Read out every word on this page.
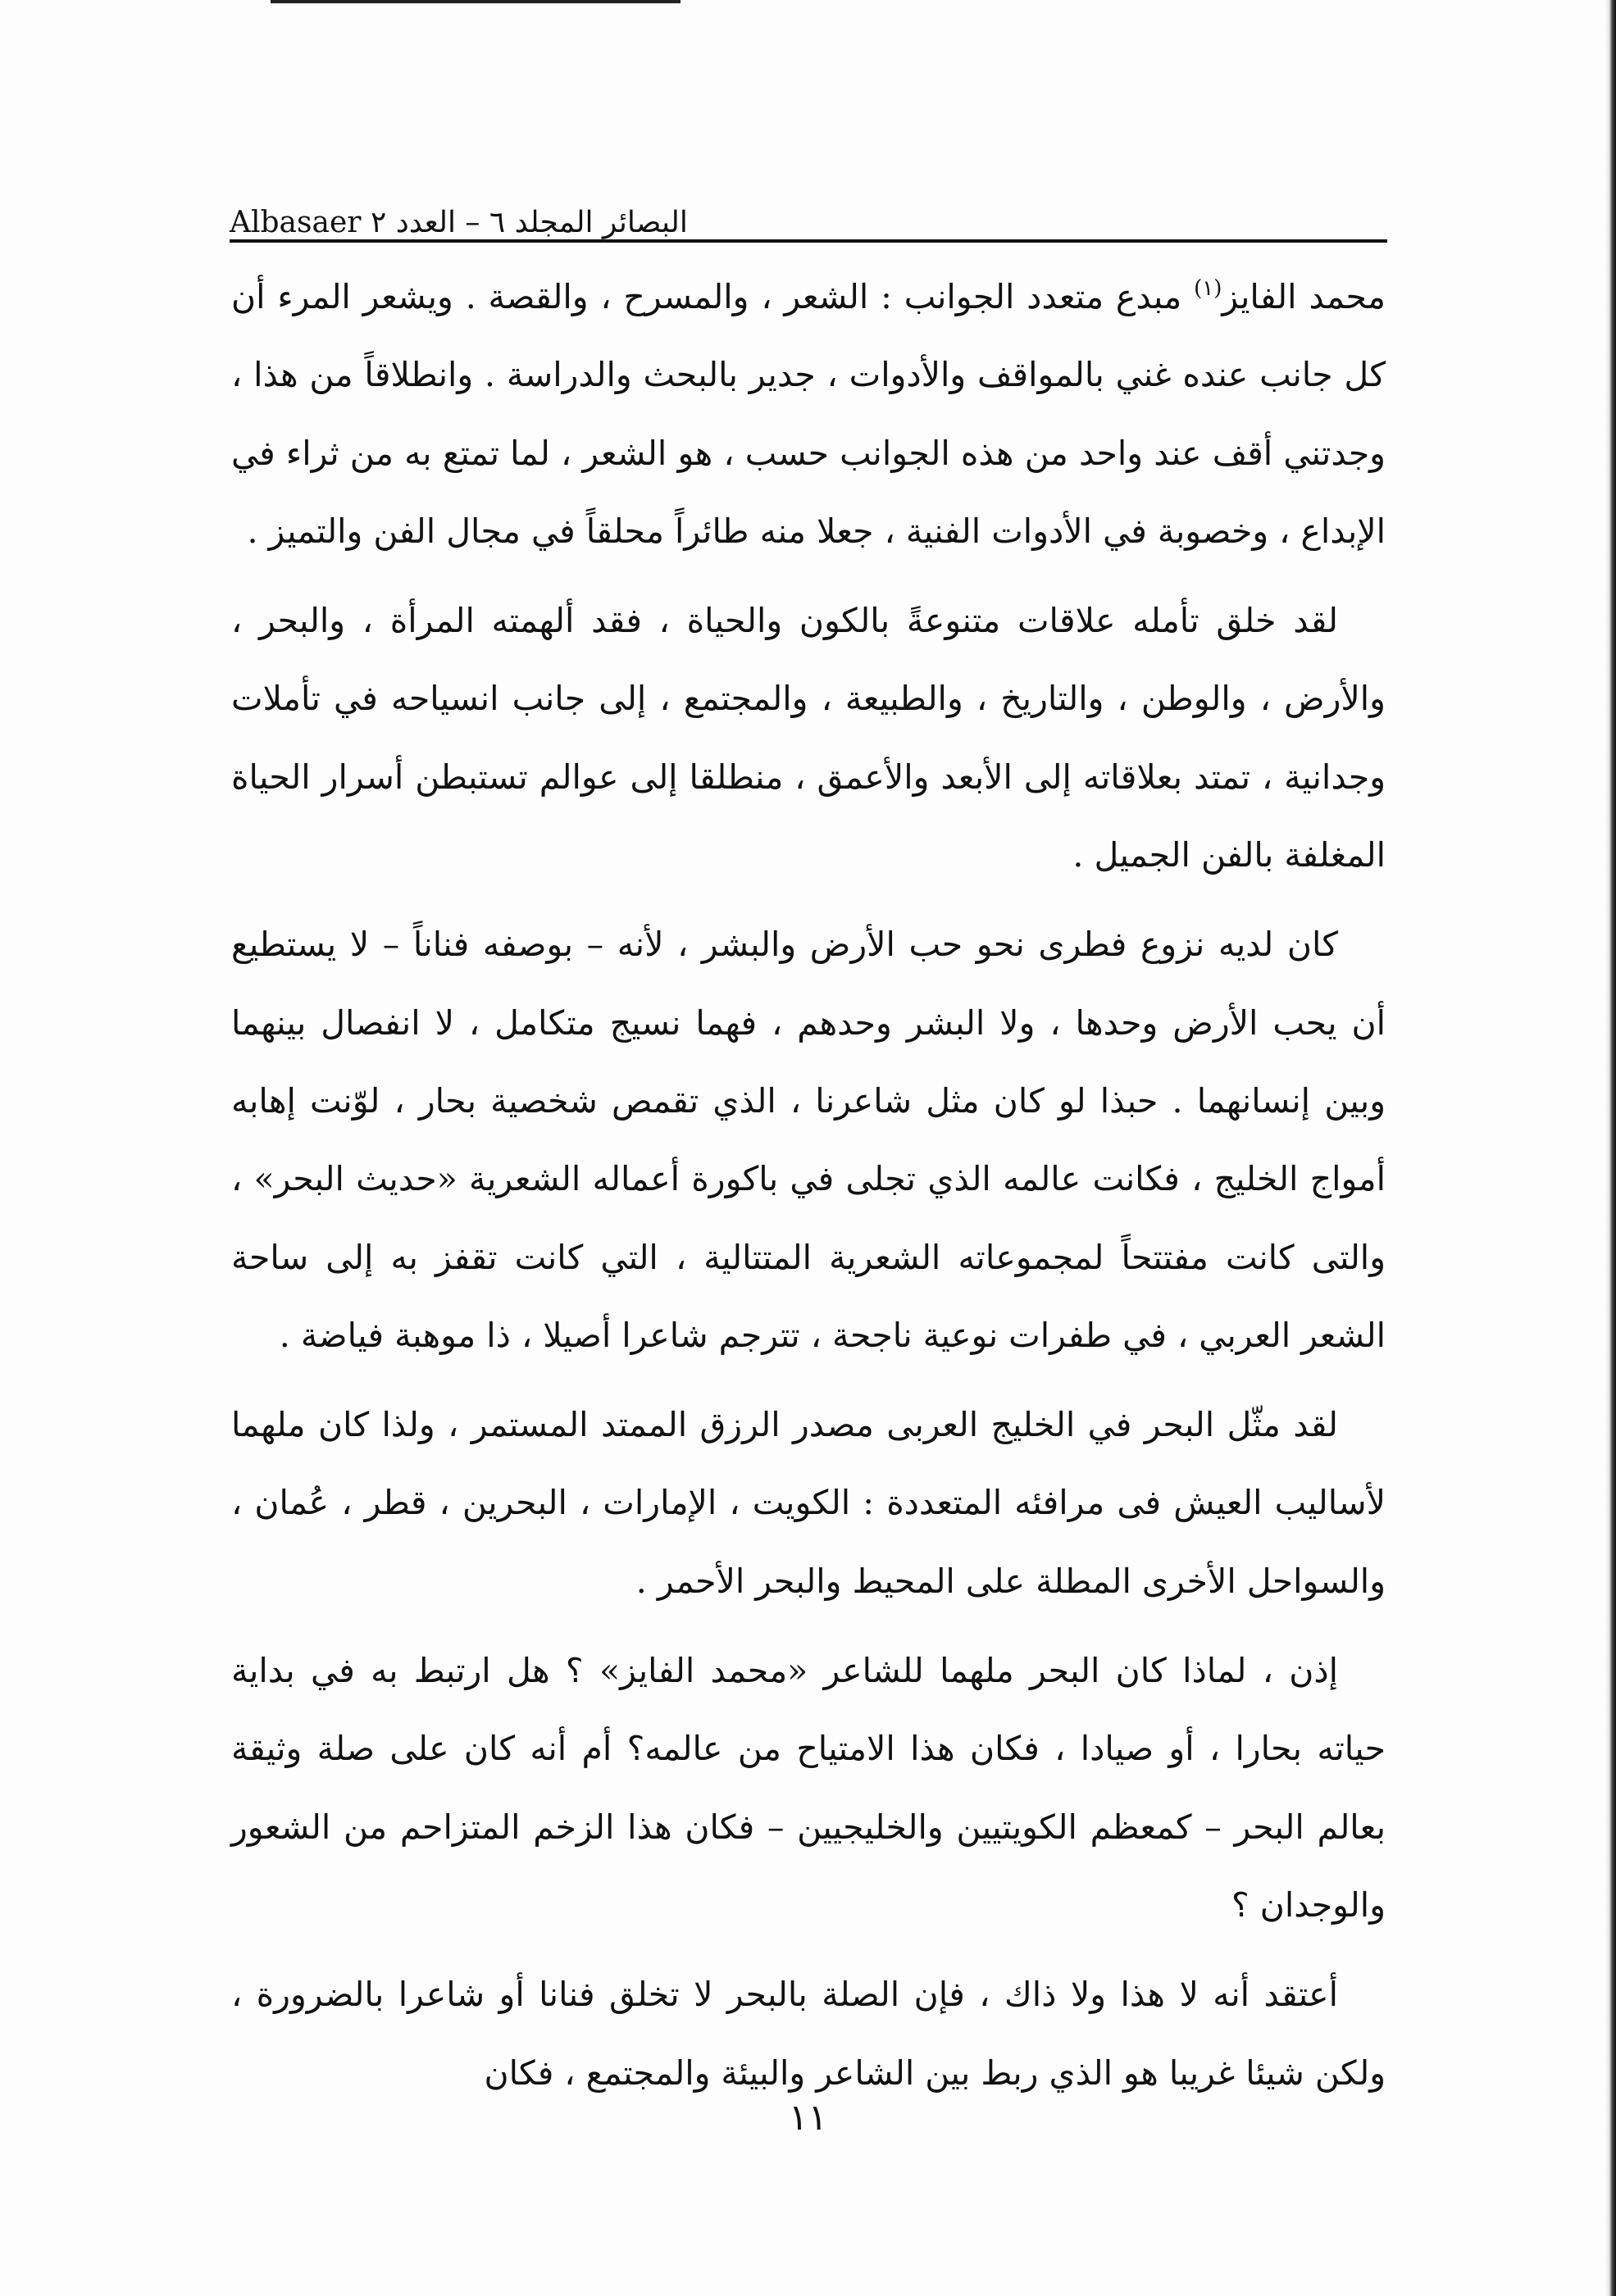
البصائر المجلد ٦ – العدد ٢ Albasaer

محمد الفايز$^{(١)}$ مبدع متعدد الجوانب : الشعر ، والمسرح ، والقصة . ويشعر المرء أن كل جانب عنده غني بالمواقف والأدوات ، جدير بالبحث والدراسة . وانطلاقاً من هذا ، وجدتني أقف عند واحد من هذه الجوانب حسب ، هو الشعر ، لما تمتع به من ثراء في الإبداع ، وخصوبة في الأدوات الفنية ، جعلا منه طائراً محلقاً في مجال الفن والتميز .

لقد خلق تأمله علاقات متنوعةً بالكون والحياة ، فقد ألهمته المرأة ، والبحر ، والأرض ، والوطن ، والتاريخ ، والطبيعة ، والمجتمع ، إلى جانب انسياحه في تأملات وجدانية ، تمتد بعلاقاته إلى الأبعد والأعمق ، منطلقا إلى عوالم تستبطن أسرار الحياة المغلفة بالفن الجميل .

كان لديه نزوع فطرى نحو حب الأرض والبشر ، لأنه – بوصفه فناناً – لا يستطيع أن يحب الأرض وحدها ، ولا البشر وحدهم ، فهما نسيج متكامل ، لا انفصال بينهما وبين إنسانهما . حبذا لو كان مثل شاعرنا ، الذي تقمص شخصية بحار ، لوّنت إهابه أمواج الخليج ، فكانت عالمه الذي تجلى في باكورة أعماله الشعرية «حديث البحر» ، والتى كانت مفتتحاً لمجموعاته الشعرية المتتالية ، التي كانت تقفز به إلى ساحة الشعر العربي ، في طفرات نوعية ناجحة ، تترجم شاعرا أصيلا ، ذا موهبة فياضة .

لقد مثّل البحر في الخليج العربى مصدر الرزق الممتد المستمر ، ولذا كان ملهما لأساليب العيش فى مرافئه المتعددة : الكويت ، الإمارات ، البحرين ، قطر ، عُمان ، والسواحل الأخرى المطلة على المحيط والبحر الأحمر .

إذن ، لماذا كان البحر ملهما للشاعر «محمد الفايز» ؟ هل ارتبط به في بداية حياته بحارا ، أو صيادا ، فكان هذا الامتياح من عالمه؟ أم أنه كان على صلة وثيقة بعالم البحر – كمعظم الكويتيين والخليجيين – فكان هذا الزخم المتزاحم من الشعور والوجدان ؟

أعتقد أنه لا هذا ولا ذاك ، فإن الصلة بالبحر لا تخلق فنانا أو شاعرا بالضرورة ، ولكن شيئا غريبا هو الذي ربط بين الشاعر والبيئة والمجتمع ، فكان

١١
